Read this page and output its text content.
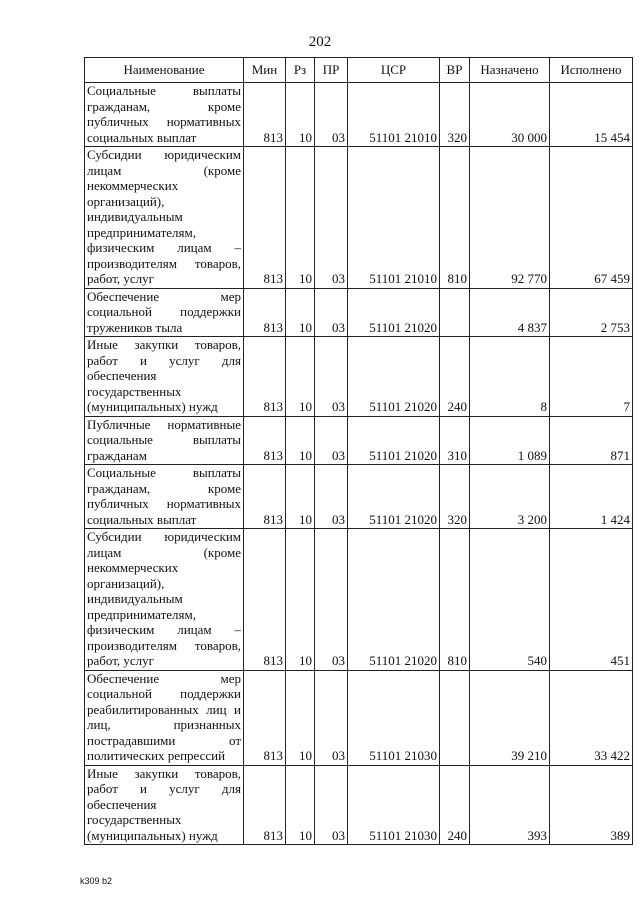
202
Наименование	Мин	Рз	ПР	ЦСР	ВР	Назначено	Исполнено
Социальные выплаты гражданам, кроме публичных нормативных социальных выплат	813	10	03	51101 21010	320	30 000	15 454
Субсидии юридическим лицам (кроме некоммерческих организаций), индивидуальным предпринимателям, физическим лицам – производителям товаров, работ, услуг	813	10	03	51101 21010	810	92 770	67 459
Обеспечение мер социальной поддержки тружеников тыла	813	10	03	51101 21020		4 837	2 753
Иные закупки товаров, работ и услуг для обеспечения государственных (муниципальных) нужд	813	10	03	51101 21020	240	8	7
Публичные нормативные социальные выплаты гражданам	813	10	03	51101 21020	310	1 089	871
Социальные выплаты гражданам, кроме публичных нормативных социальных выплат	813	10	03	51101 21020	320	3 200	1 424
Субсидии юридическим лицам (кроме некоммерческих организаций), индивидуальным предпринимателям, физическим лицам – производителям товаров, работ, услуг	813	10	03	51101 21020	810	540	451
Обеспечение мер социальной поддержки реабилитированных лиц и лиц, признанных пострадавшими от политических репрессий	813	10	03	51101 21030		39 210	33 422
Иные закупки товаров, работ и услуг для обеспечения государственных (муниципальных) нужд	813	10	03	51101 21030	240	393	389
k309 b2
